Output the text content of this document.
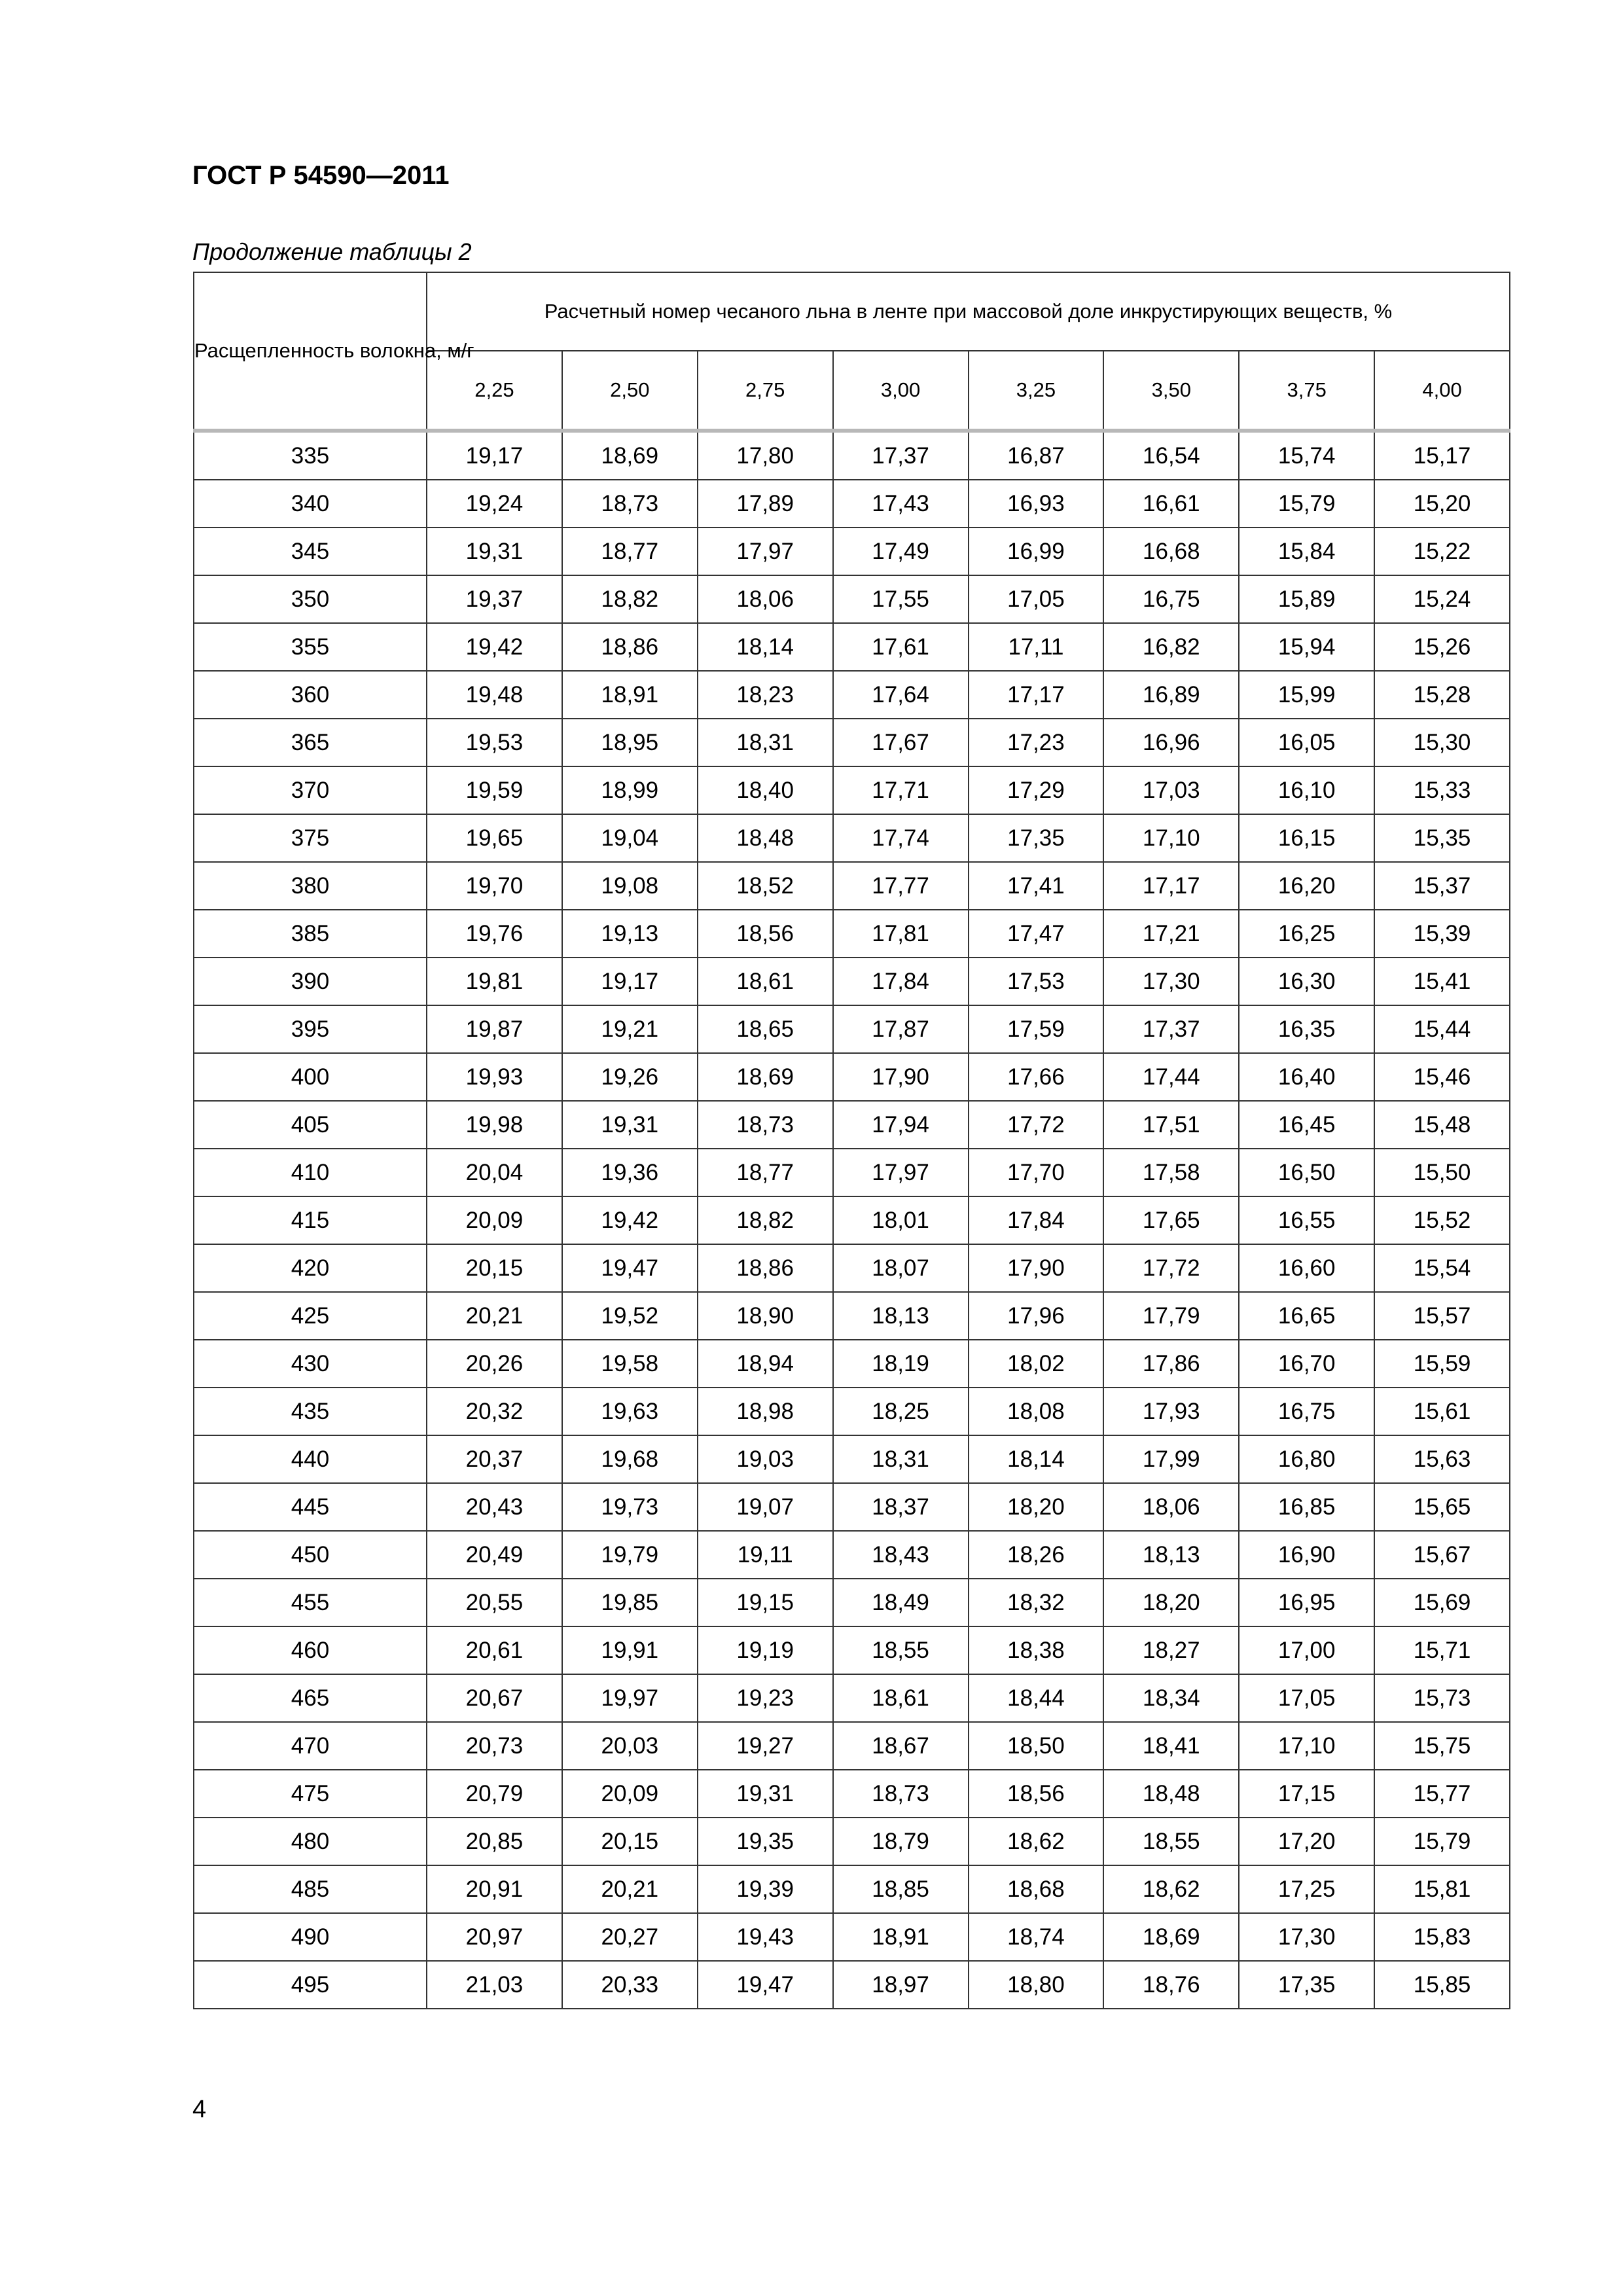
ГОСТ Р 54590—2011
Продолжение таблицы 2
Расщепленность волокна, м/г	Расчетный номер чесаного льна в ленте при массовой доле инкрустирующих веществ, %							
	2,25	2,50	2,75	3,00	3,25	3,50	3,75	4,00
335	19,17	18,69	17,80	17,37	16,87	16,54	15,74	15,17
340	19,24	18,73	17,89	17,43	16,93	16,61	15,79	15,20
345	19,31	18,77	17,97	17,49	16,99	16,68	15,84	15,22
350	19,37	18,82	18,06	17,55	17,05	16,75	15,89	15,24
355	19,42	18,86	18,14	17,61	17,11	16,82	15,94	15,26
360	19,48	18,91	18,23	17,64	17,17	16,89	15,99	15,28
365	19,53	18,95	18,31	17,67	17,23	16,96	16,05	15,30
370	19,59	18,99	18,40	17,71	17,29	17,03	16,10	15,33
375	19,65	19,04	18,48	17,74	17,35	17,10	16,15	15,35
380	19,70	19,08	18,52	17,77	17,41	17,17	16,20	15,37
385	19,76	19,13	18,56	17,81	17,47	17,21	16,25	15,39
390	19,81	19,17	18,61	17,84	17,53	17,30	16,30	15,41
395	19,87	19,21	18,65	17,87	17,59	17,37	16,35	15,44
400	19,93	19,26	18,69	17,90	17,66	17,44	16,40	15,46
405	19,98	19,31	18,73	17,94	17,72	17,51	16,45	15,48
410	20,04	19,36	18,77	17,97	17,70	17,58	16,50	15,50
415	20,09	19,42	18,82	18,01	17,84	17,65	16,55	15,52
420	20,15	19,47	18,86	18,07	17,90	17,72	16,60	15,54
425	20,21	19,52	18,90	18,13	17,96	17,79	16,65	15,57
430	20,26	19,58	18,94	18,19	18,02	17,86	16,70	15,59
435	20,32	19,63	18,98	18,25	18,08	17,93	16,75	15,61
440	20,37	19,68	19,03	18,31	18,14	17,99	16,80	15,63
445	20,43	19,73	19,07	18,37	18,20	18,06	16,85	15,65
450	20,49	19,79	19,11	18,43	18,26	18,13	16,90	15,67
455	20,55	19,85	19,15	18,49	18,32	18,20	16,95	15,69
460	20,61	19,91	19,19	18,55	18,38	18,27	17,00	15,71
465	20,67	19,97	19,23	18,61	18,44	18,34	17,05	15,73
470	20,73	20,03	19,27	18,67	18,50	18,41	17,10	15,75
475	20,79	20,09	19,31	18,73	18,56	18,48	17,15	15,77
480	20,85	20,15	19,35	18,79	18,62	18,55	17,20	15,79
485	20,91	20,21	19,39	18,85	18,68	18,62	17,25	15,81
490	20,97	20,27	19,43	18,91	18,74	18,69	17,30	15,83
495	21,03	20,33	19,47	18,97	18,80	18,76	17,35	15,85
4
